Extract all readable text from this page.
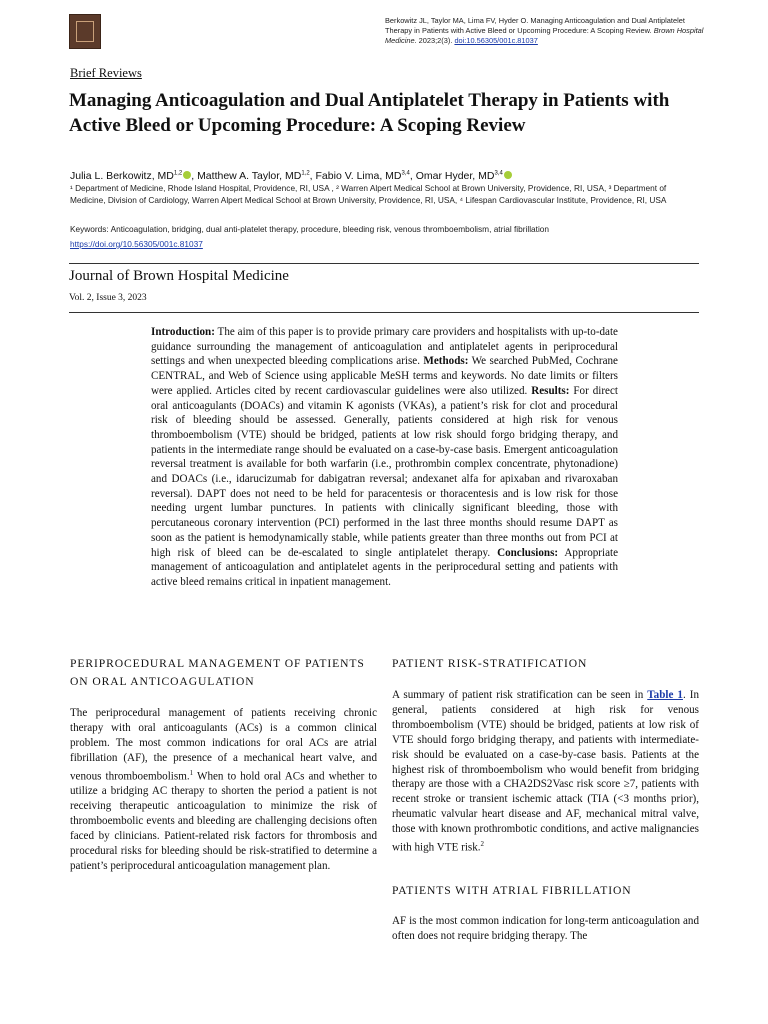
Berkowitz JL, Taylor MA, Lima FV, Hyder O. Managing Anticoagulation and Dual Antiplatelet Therapy in Patients with Active Bleed or Upcoming Procedure: A Scoping Review. Brown Hospital Medicine. 2023;2(3). doi:10.56305/001c.81037
Brief Reviews
Managing Anticoagulation and Dual Antiplatelet Therapy in Patients with Active Bleed or Upcoming Procedure: A Scoping Review
Julia L. Berkowitz, MD$^{1,2}$ , Matthew A. Taylor, MD$^{1,2}$, Fabio V. Lima, MD$^{3,4}$, Omar Hyder, MD$^{3,4}$
¹ Department of Medicine, Rhode Island Hospital, Providence, RI, USA , ² Warren Alpert Medical School at Brown University, Providence, RI, USA, ³ Department of Medicine, Division of Cardiology, Warren Alpert Medical School at Brown University, Providence, RI, USA, ⁴ Lifespan Cardiovascular Institute, Providence, RI, USA
Keywords: Anticoagulation, bridging, dual anti-platelet therapy, procedure, bleeding risk, venous thromboembolism, atrial fibrillation
https://doi.org/10.56305/001c.81037
Journal of Brown Hospital Medicine
Vol. 2, Issue 3, 2023
Introduction: The aim of this paper is to provide primary care providers and hospitalists with up-to-date guidance surrounding the management of anticoagulation and antiplatelet agents in periprocedural settings and when unexpected bleeding complications arise. Methods: We searched PubMed, Cochrane CENTRAL, and Web of Science using applicable MeSH terms and keywords. No date limits or filters were applied. Articles cited by recent cardiovascular guidelines were also utilized. Results: For direct oral anticoagulants (DOACs) and vitamin K agonists (VKAs), a patient’s risk for clot and procedural risk of bleeding should be assessed. Generally, patients considered at high risk for venous thromboembolism (VTE) should be bridged, patients at low risk should forgo bridging therapy, and patients in the intermediate range should be evaluated on a case-by-case basis. Emergent anticoagulation reversal treatment is available for both warfarin (i.e., prothrombin complex concentrate, phytonadione) and DOACs (i.e., idarucizumab for dabigatran reversal; andexanet alfa for apixaban and rivaroxaban reversal). DAPT does not need to be held for paracentesis or thoracentesis and is low risk for those needing urgent lumbar punctures. In patients with clinically significant bleeding, those with percutaneous coronary intervention (PCI) performed in the last three months should resume DAPT as soon as the patient is hemodynamically stable, while patients greater than three months out from PCI at high risk of bleed can be de-escalated to single antiplatelet therapy. Conclusions: Appropriate management of anticoagulation and antiplatelet agents in the periprocedural setting and patients with active bleed remains critical in inpatient management.
PERIPROCEDURAL MANAGEMENT OF PATIENTS ON ORAL ANTICOAGULATION
The periprocedural management of patients receiving chronic therapy with oral anticoagulants (ACs) is a common clinical problem. The most common indications for oral ACs are atrial fibrillation (AF), the presence of a mechanical heart valve, and venous thromboembolism.$^1$ When to hold oral ACs and whether to utilize a bridging AC therapy to shorten the period a patient is not receiving therapeutic anticoagulation to minimize the risk of thromboembolic events and bleeding are challenging decisions often faced by clinicians. Patient-related risk factors for thrombosis and procedural risks for bleeding should be risk-stratified to determine a patient’s periprocedural anticoagulation management plan.
PATIENT RISK-STRATIFICATION
A summary of patient risk stratification can be seen in Table 1. In general, patients considered at high risk for venous thromboembolism (VTE) should be bridged, patients at low risk of VTE should forgo bridging therapy, and patients with intermediate-risk should be evaluated on a case-by-case basis. Patients at the highest risk of thromboembolism who would benefit from bridging therapy are those with a CHA2DS2Vasc risk score ≥7, patients with recent stroke or transient ischemic attack (TIA (<3 months prior), rheumatic valvular heart disease and AF, mechanical mitral valve, those with known prothrombotic conditions, and active malignancies with high VTE risk.$^2$
PATIENTS WITH ATRIAL FIBRILLATION
AF is the most common indication for long-term anticoagulation and often does not require bridging therapy. The
